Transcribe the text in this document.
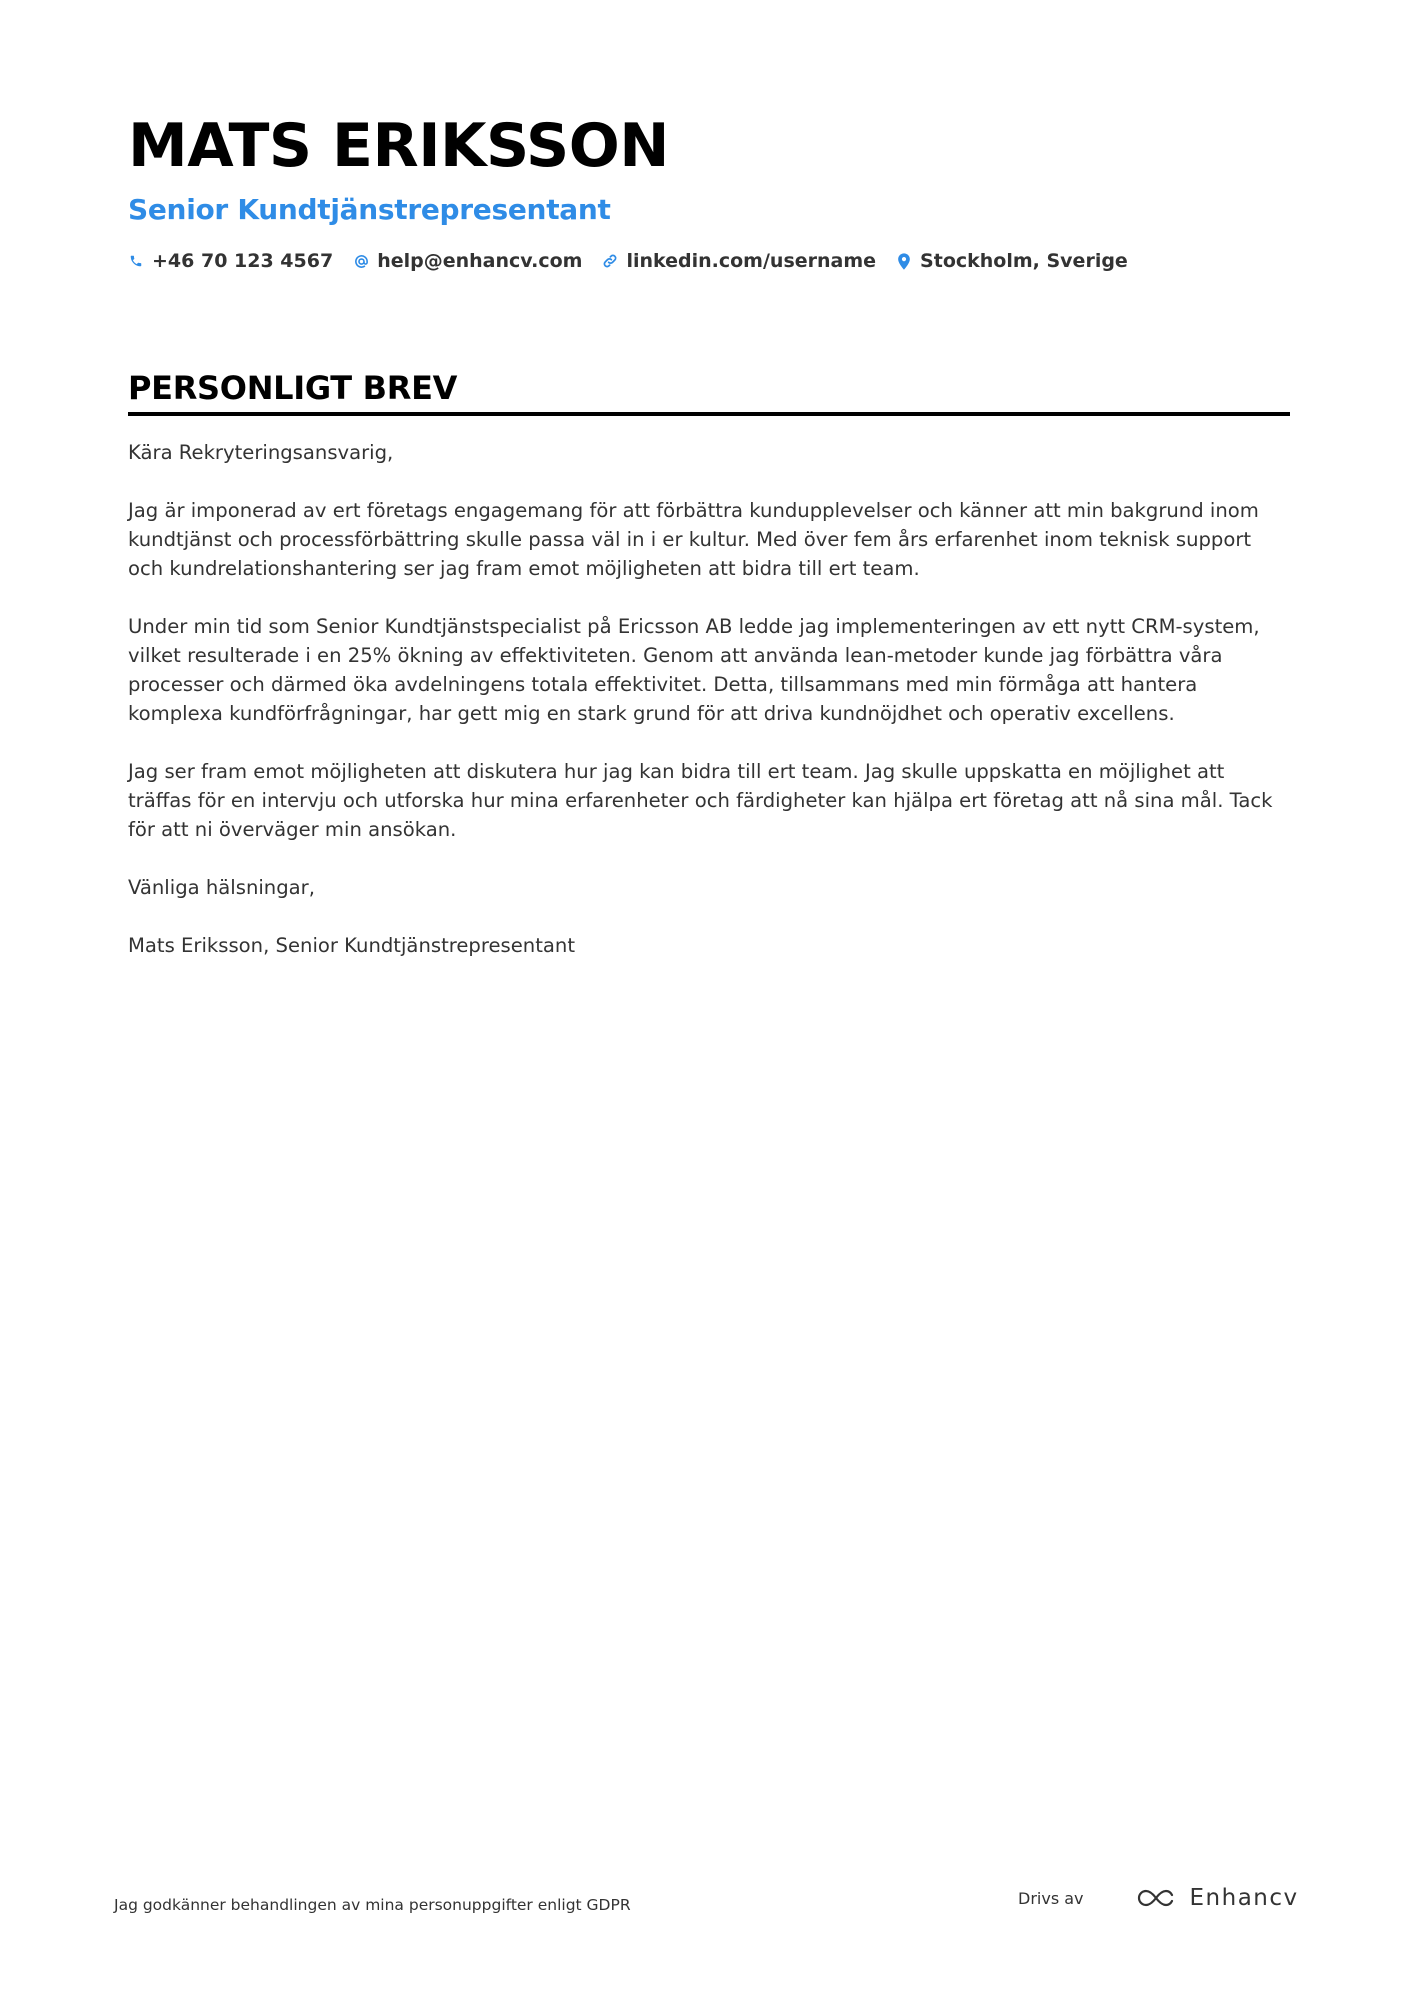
MATS ERIKSSON
Senior Kundtjänstrepresentant
+46 70 123 4567 help@enhancv.com linkedin.com/username Stockholm, Sverige
PERSONLIGT BREV

Kära Rekryteringsansvarig,

Jag är imponerad av ert företags engagemang för att förbättra kundupplevelser och känner att min bakgrund inom kundtjänst och processförbättring skulle passa väl in i er kultur. Med över fem års erfarenhet inom teknisk support och kundrelationshantering ser jag fram emot möjligheten att bidra till ert team.

Under min tid som Senior Kundtjänstspecialist på Ericsson AB ledde jag implementeringen av ett nytt CRM-system, vilket resulterade i en 25% ökning av effektiviteten. Genom att använda lean-metoder kunde jag förbättra våra processer och därmed öka avdelningens totala effektivitet. Detta, tillsammans med min förmåga att hantera komplexa kundförfrågningar, har gett mig en stark grund för att driva kundnöjdhet och operativ excellens.

Jag ser fram emot möjligheten att diskutera hur jag kan bidra till ert team. Jag skulle uppskatta en möjlighet att träffas för en intervju och utforska hur mina erfarenheter och färdigheter kan hjälpa ert företag att nå sina mål. Tack för att ni överväger min ansökan.

Vänliga hälsningar,

Mats Eriksson, Senior Kundtjänstrepresentant

Jag godkänner behandlingen av mina personuppgifter enligt GDPR	Drivs av	Enhancv
